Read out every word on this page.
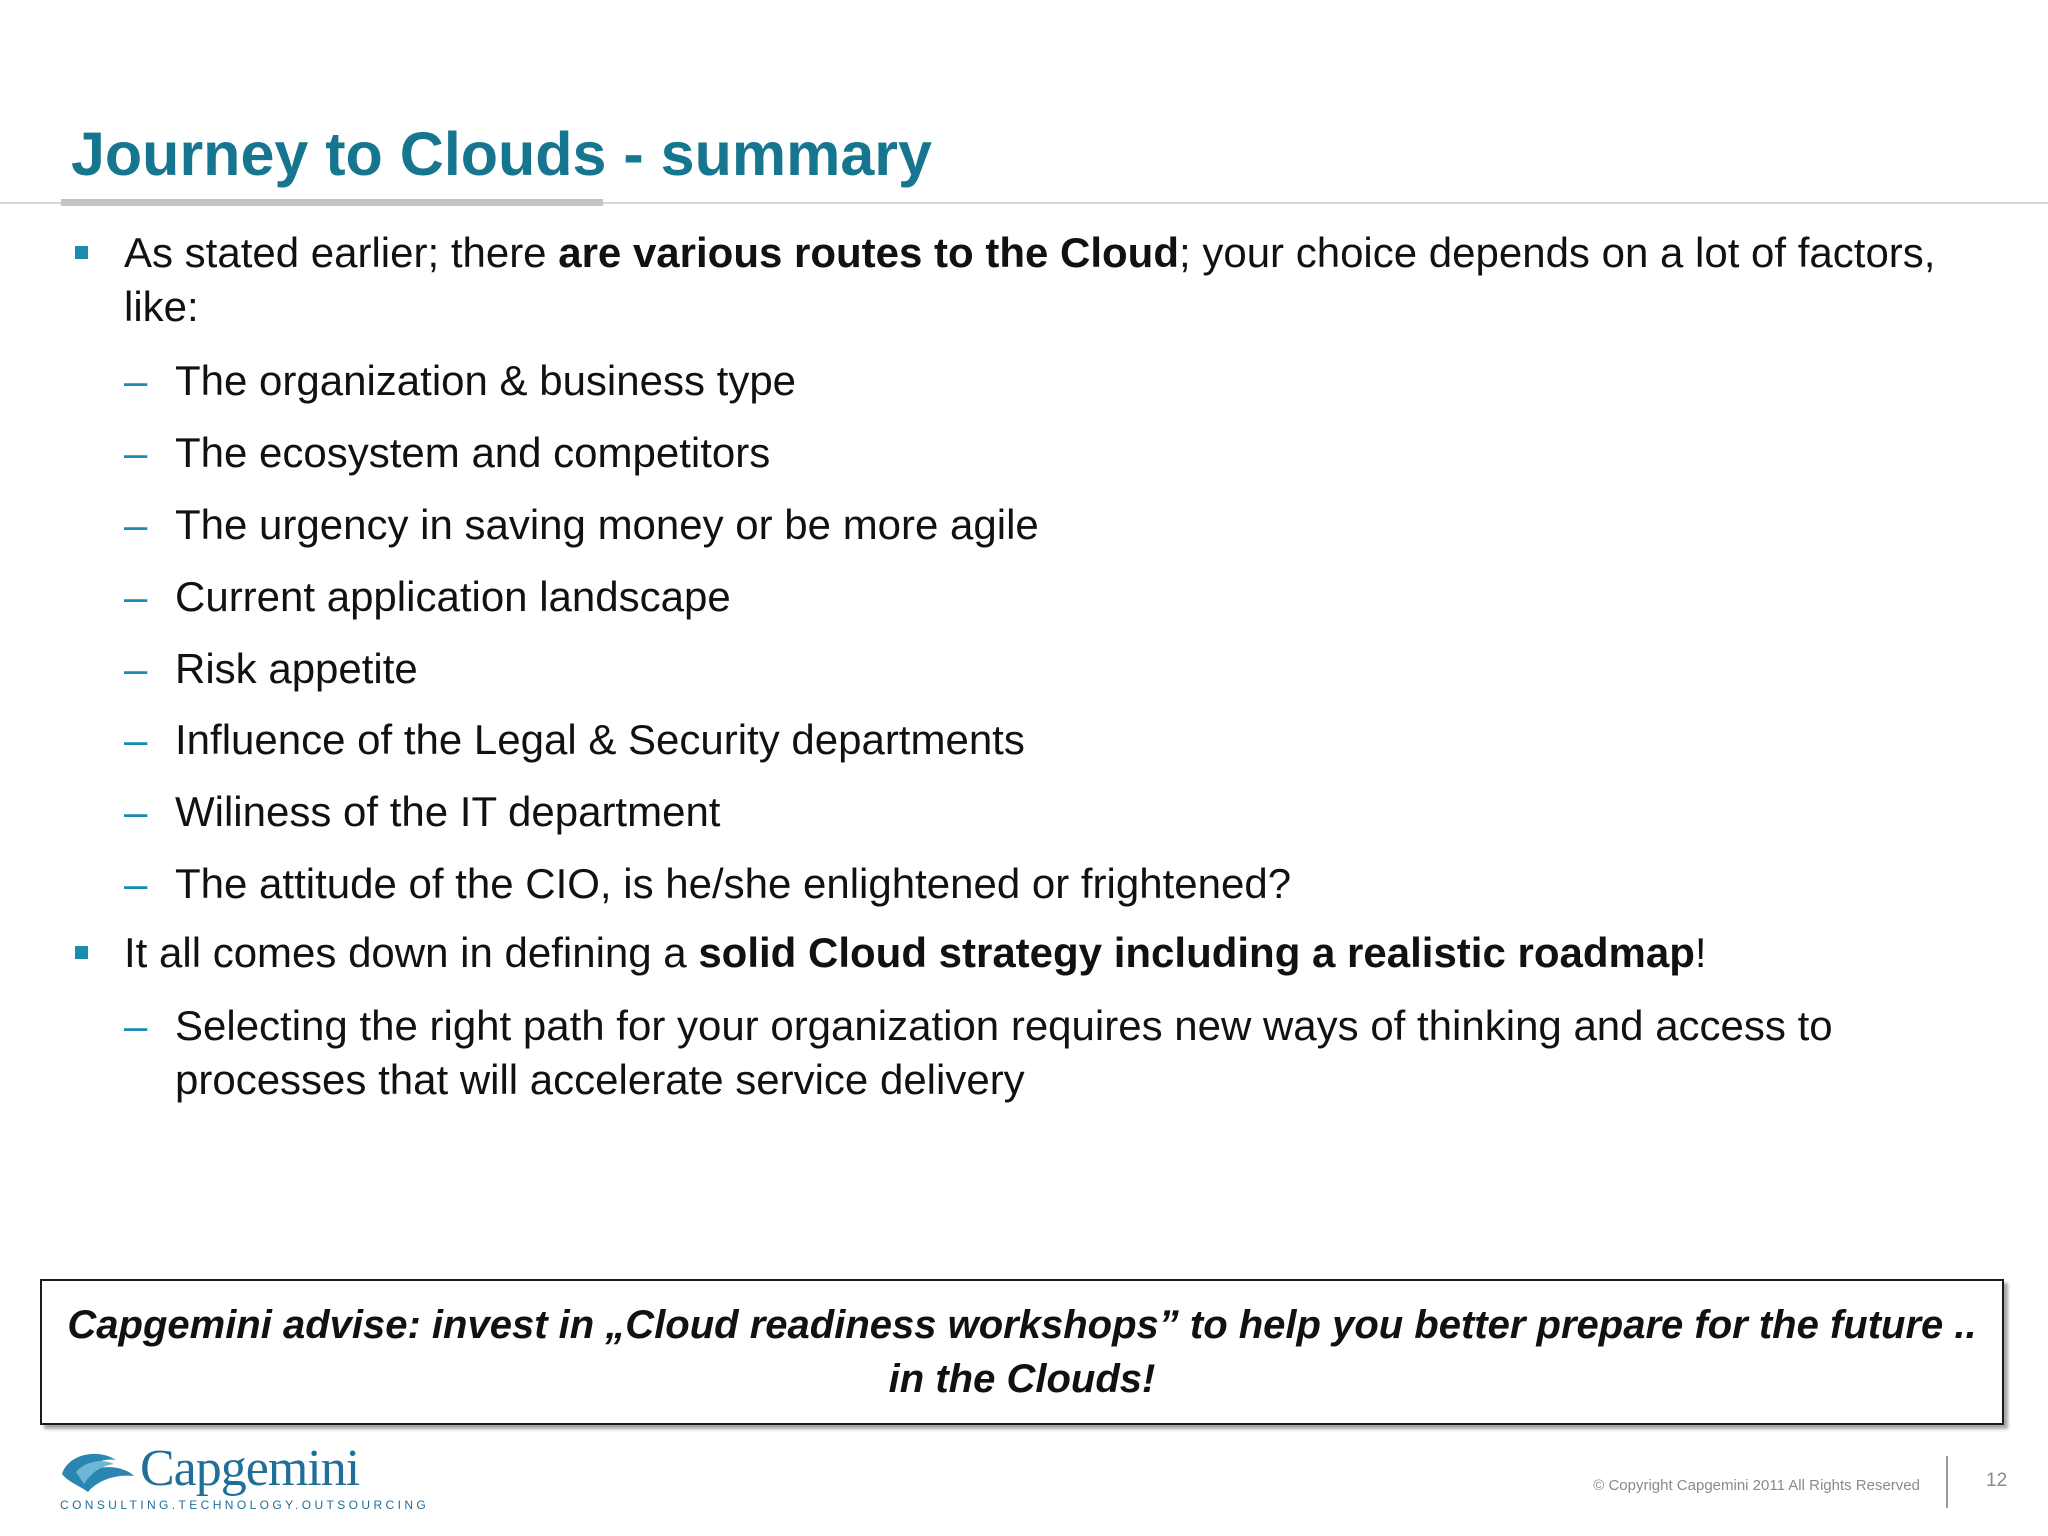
Journey to Clouds - summary
As stated earlier; there are various routes to the Cloud; your choice depends on a lot of factors, like:
– The organization & business type
– The ecosystem and competitors
– The urgency in saving money or be more agile
– Current application landscape
– Risk appetite
– Influence of the Legal & Security departments
– Wiliness of the IT department
– The attitude of the CIO, is he/she enlightened or frightened?
It all comes down in defining a solid Cloud strategy including a realistic roadmap!
– Selecting the right path for your organization requires new ways of thinking and access to processes that will accelerate service delivery
Capgemini advise: invest in „Cloud readiness workshops” to help you better prepare for the future .. in the Clouds!
Capgemini
CONSULTING.TECHNOLOGY.OUTSOURCING
© Copyright Capgemini 2011 All Rights Reserved	12
